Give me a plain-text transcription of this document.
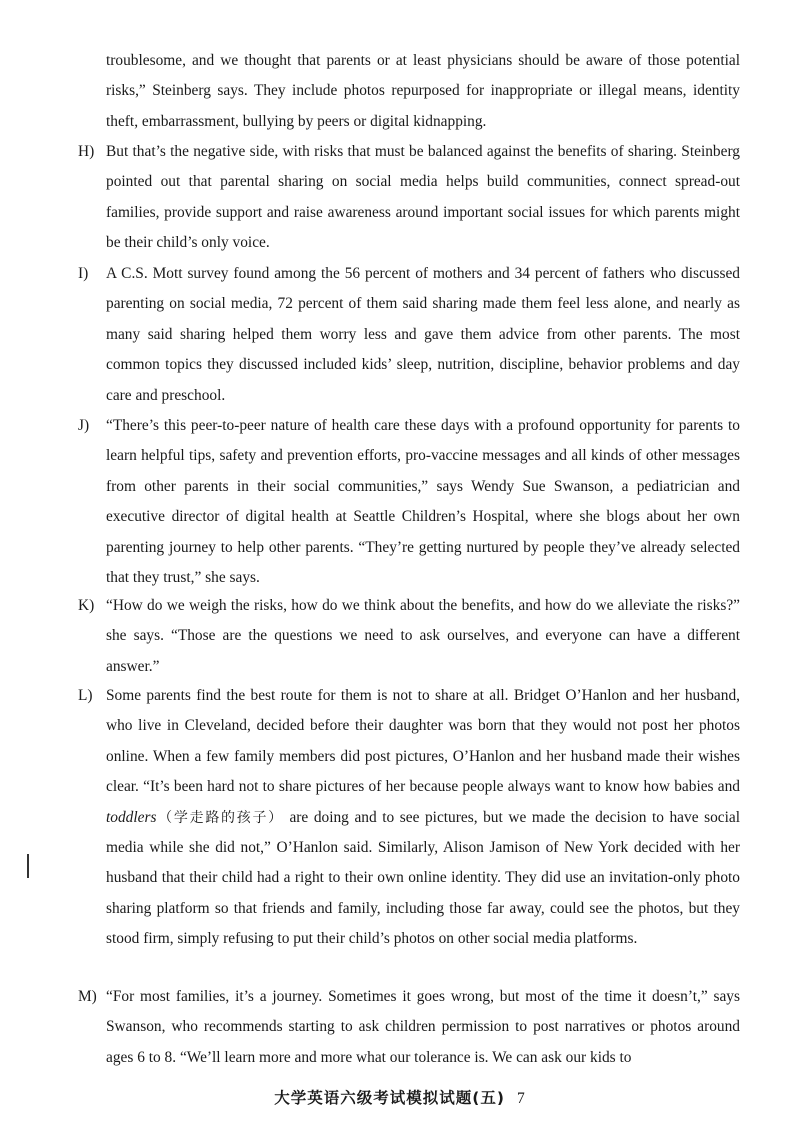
troublesome, and we thought that parents or at least physicians should be aware of those potential risks,” Steinberg says. They include photos repurposed for inappropriate or illegal means, identity theft, embarrassment, bullying by peers or digital kidnapping.
H) But that’s the negative side, with risks that must be balanced against the benefits of sharing. Steinberg pointed out that parental sharing on social media helps build communities, connect spread-out families, provide support and raise awareness around important social issues for which parents might be their child’s only voice.
I)	A C.S. Mott survey found among the 56 percent of mothers and 34 percent of fathers who discussed parenting on social media, 72 percent of them said sharing made them feel less alone, and nearly as many said sharing helped them worry less and gave them advice from other parents. The most common topics they discussed included kids’ sleep, nutrition, discipline, behavior problems and day care and preschool.
J)	“There’s this peer-to-peer nature of health care these days with a profound opportunity for parents to learn helpful tips, safety and prevention efforts, pro-vaccine messages and all kinds of other messages from other parents in their social communities,” says Wendy Sue Swanson, a pediatrician and executive director of digital health at Seattle Children’s Hospital, where she blogs about her own parenting journey to help other parents. “They’re getting nurtured by people they’ve already selected that they trust,” she says.
K) “How do we weigh the risks, how do we think about the benefits, and how do we alleviate the risks?” she says. “Those are the questions we need to ask ourselves, and everyone can have a different answer.”
L) Some parents find the best route for them is not to share at all. Bridget O’Hanlon and her husband, who live in Cleveland, decided before their daughter was born that they would not post her photos online. When a few family members did post pictures, O’Hanlon and her husband made their wishes clear. “It’s been hard not to share pictures of her because people always want to know how babies and toddlers（学走路的孩子） are doing and to see pictures, but we made the decision to have social media while she did not,” O’Hanlon said. Similarly, Alison Jamison of New York decided with her husband that their child had a right to their own online identity. They did use an invitation-only photo sharing platform so that friends and family, including those far away, could see the photos, but they stood firm, simply refusing to put their child’s photos on other social media platforms.
M) “For most families, it’s a journey. Sometimes it goes wrong, but most of the time it doesn’t,” says Swanson, who recommends starting to ask children permission to post narratives or photos around ages 6 to 8. “We’ll learn more and more what our tolerance is. We can ask our kids to
大学英语六级考试模拟试题(五) 7
